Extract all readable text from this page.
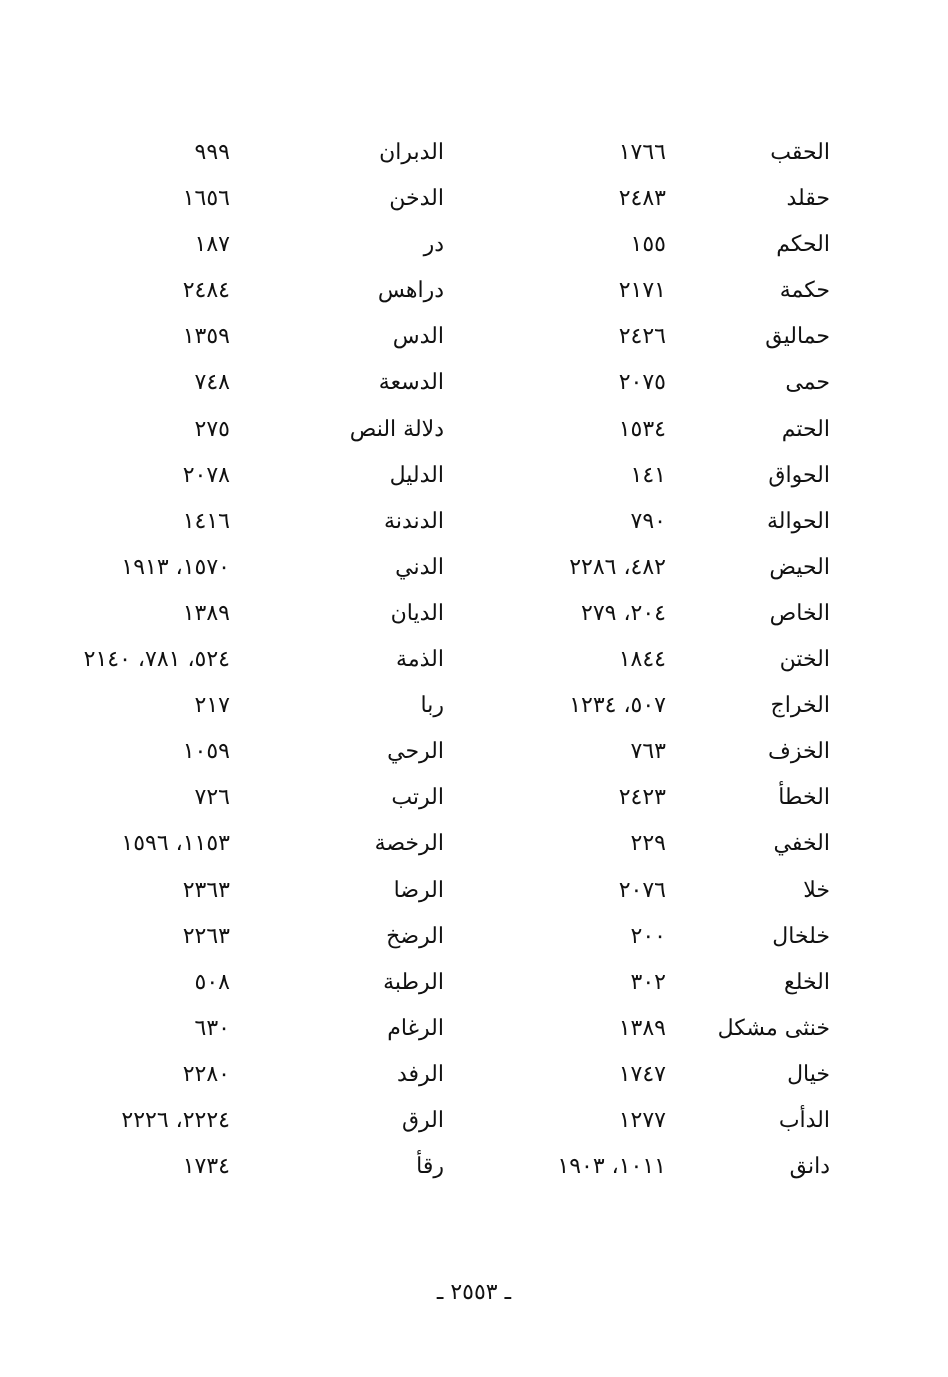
الحقب
١٧٦٦
الدبران
٩٩٩
حقلد
٢٤٨٣
الدخن
١٦٥٦
الحكم
١٥٥
در
١٨٧
حكمة
٢١٧١
دراهس
٢٤٨٤
حماليق
٢٤٢٦
الدس
١٣٥٩
حمى
٢٠٧٥
الدسعة
٧٤٨
الحتم
١٥٣٤
دلالة النص
٢٧٥
الحواق
١٤١
الدليل
٢٠٧٨
الحوالة
٧٩٠
الدندنة
١٤١٦
الحيض
٤٨٢، ٢٢٨٦
الدني
١٥٧٠، ١٩١٣
الخاص
٢٠٤، ٢٧٩
الديان
١٣٨٩
الختن
١٨٤٤
الذمة
٥٢٤، ٧٨١، ٢١٤٠
الخراج
٥٠٧، ١٢٣٤
ربا
٢١٧
الخزف
٧٦٣
الرحي
١٠٥٩
الخطأ
٢٤٢٣
الرتب
٧٢٦
الخفي
٢٢٩
الرخصة
١١٥٣، ١٥٩٦
خلا
٢٠٧٦
الرضا
٢٣٦٣
خلخال
٢٠٠
الرضخ
٢٢٦٣
الخلع
٣٠٢
الرطبة
٥٠٨
خنثى مشكل
١٣٨٩
الرغام
٦٣٠
خيال
١٧٤٧
الرفد
٢٢٨٠
الدأب
١٢٧٧
الرق
٢٢٢٤، ٢٢٢٦
دانق
١٠١١، ١٩٠٣
رقأ
١٧٣٤
ـ ٢٥٥٣ ـ
